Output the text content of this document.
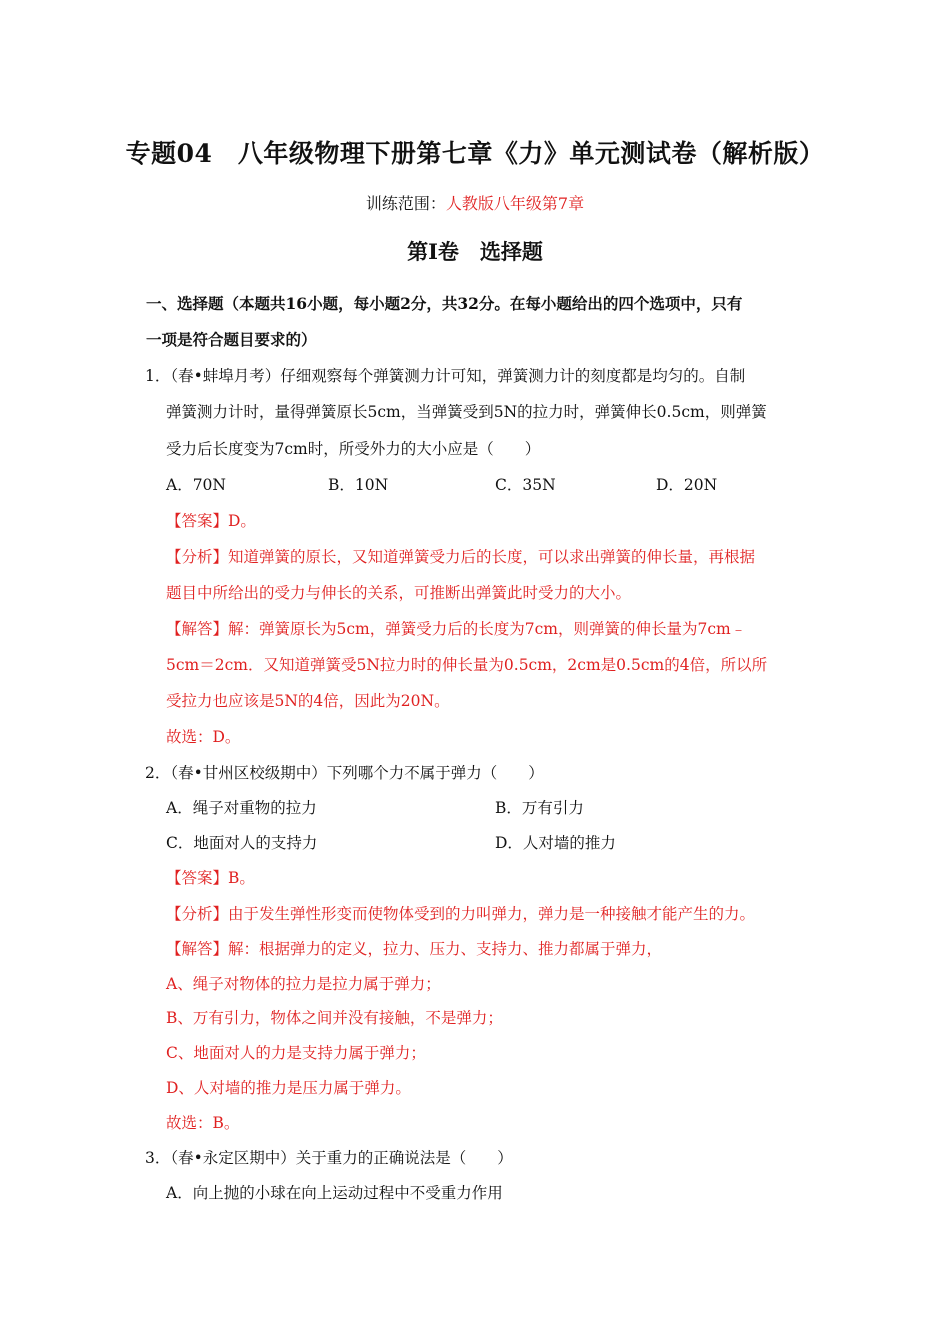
专题04　八年级物理下册第七章《力》单元测试卷（解析版）
训练范围：人教版八年级第7章
第Ⅰ卷　选择题
一、选择题（本题共16小题，每小题2分，共32分。在每小题给出的四个选项中，只有
一项是符合题目要求的）
1．（春•蚌埠月考）仔细观察每个弹簧测力计可知，弹簧测力计的刻度都是均匀的。自制
弹簧测力计时，量得弹簧原长5cm，当弹簧受到5N的拉力时，弹簧伸长0.5cm，则弹簧
受力后长度变为7cm时，所受外力的大小应是（　　）
A．70N	B．10N	C．35N	D．20N
【答案】D。
【分析】知道弹簧的原长，又知道弹簧受力后的长度，可以求出弹簧的伸长量，再根据
题目中所给出的受力与伸长的关系，可推断出弹簧此时受力的大小。
【解答】解：弹簧原长为5cm，弹簧受力后的长度为7cm，则弹簧的伸长量为7cm﹣
5cm＝2cm．又知道弹簧受5N拉力时的伸长量为0.5cm，2cm是0.5cm的4倍，所以所
受拉力也应该是5N的4倍，因此为20N。
故选：D。
2．（春•甘州区校级期中）下列哪个力不属于弹力（　　）
A．绳子对重物的拉力	B．万有引力
C．地面对人的支持力	D．人对墙的推力
【答案】B。
【分析】由于发生弹性形变而使物体受到的力叫弹力，弹力是一种接触才能产生的力。
【解答】解：根据弹力的定义，拉力、压力、支持力、推力都属于弹力，
A、绳子对物体的拉力是拉力属于弹力；
B、万有引力，物体之间并没有接触，不是弹力；
C、地面对人的力是支持力属于弹力；
D、人对墙的推力是压力属于弹力。
故选：B。
3．（春•永定区期中）关于重力的正确说法是（　　）
A．向上抛的小球在向上运动过程中不受重力作用
